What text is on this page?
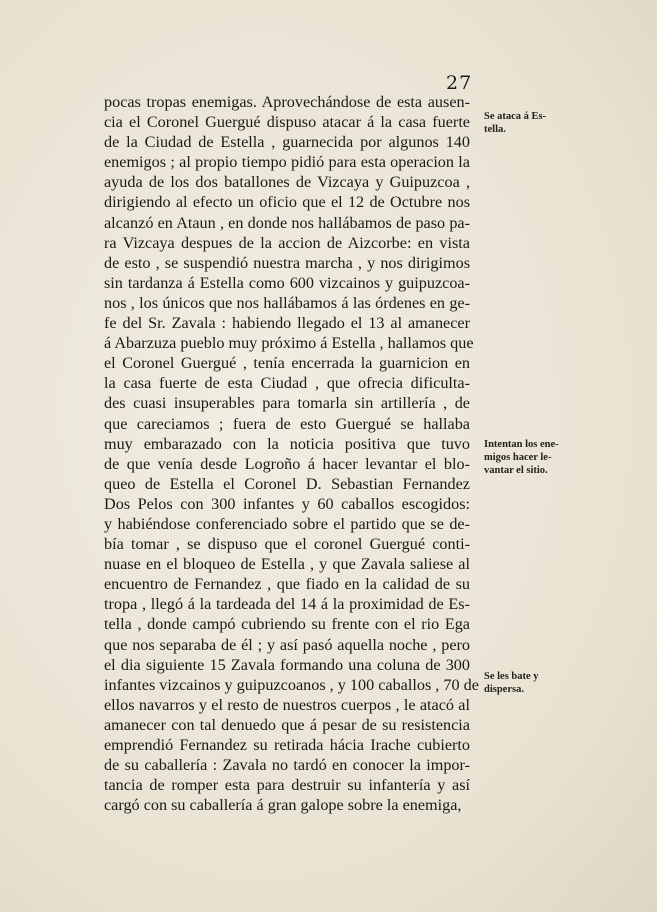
27
pocas tropas enemigas. Aprovechándose de esta ausen-
cia el Coronel Guergué dispuso atacar á la casa fuerte
de la Ciudad de Estella , guarnecida por algunos 140
enemigos ; al propio tiempo pidió para esta operacion la
ayuda de los dos batallones de Vizcaya y Guipuzcoa ,
dirigiendo al efecto un oficio que el 12 de Octubre nos
alcanzó en Ataun , en donde nos hallábamos de paso pa-
ra Vizcaya despues de la accion de Aizcorbe: en vista
de esto , se suspendió nuestra marcha , y nos dirigimos
sin tardanza á Estella como 600 vizcainos y guipuzcoa-
nos , los únicos que nos hallábamos á las órdenes en ge-
fe del Sr. Zavala : habiendo llegado el 13 al amanecer
á Abarzuza pueblo muy próximo á Estella , hallamos que
el Coronel Guergué , tenía encerrada la guarnicion en
la casa fuerte de esta Ciudad , que ofrecia dificulta-
des cuasi insuperables para tomarla sin artillería , de
que careciamos ; fuera de esto Guergué se hallaba
muy embarazado con la noticia positiva que tuvo
de que venía desde Logroño á hacer levantar el blo-
queo de Estella el Coronel D. Sebastian Fernandez
Dos Pelos con 300 infantes y 60 caballos escogidos:
y habiéndose conferenciado sobre el partido que se de-
bía tomar , se dispuso que el coronel Guergué conti-
nuase en el bloqueo de Estella , y que Zavala saliese al
encuentro de Fernandez , que fiado en la calidad de su
tropa , llegó á la tardeada del 14 á la proximidad de Es-
tella , donde campó cubriendo su frente con el rio Ega
que nos separaba de él ; y así pasó aquella noche , pero
el dia siguiente 15 Zavala formando una coluna de 300
infantes vizcainos y guipuzcoanos , y 100 caballos , 70 de
ellos navarros y el resto de nuestros cuerpos , le atacó al
amanecer con tal denuedo que á pesar de su resistencia
emprendió Fernandez su retirada hácia Irache cubierto
de su caballería : Zavala no tardó en conocer la impor-
tancia de romper esta para destruir su infantería y así
cargó con su caballería á gran galope sobre la enemiga,
Se ataca á Es-
tella.
Intentan los ene-
migos hacer le-
vantar el sitio.
Se les bate y
dispersa.
